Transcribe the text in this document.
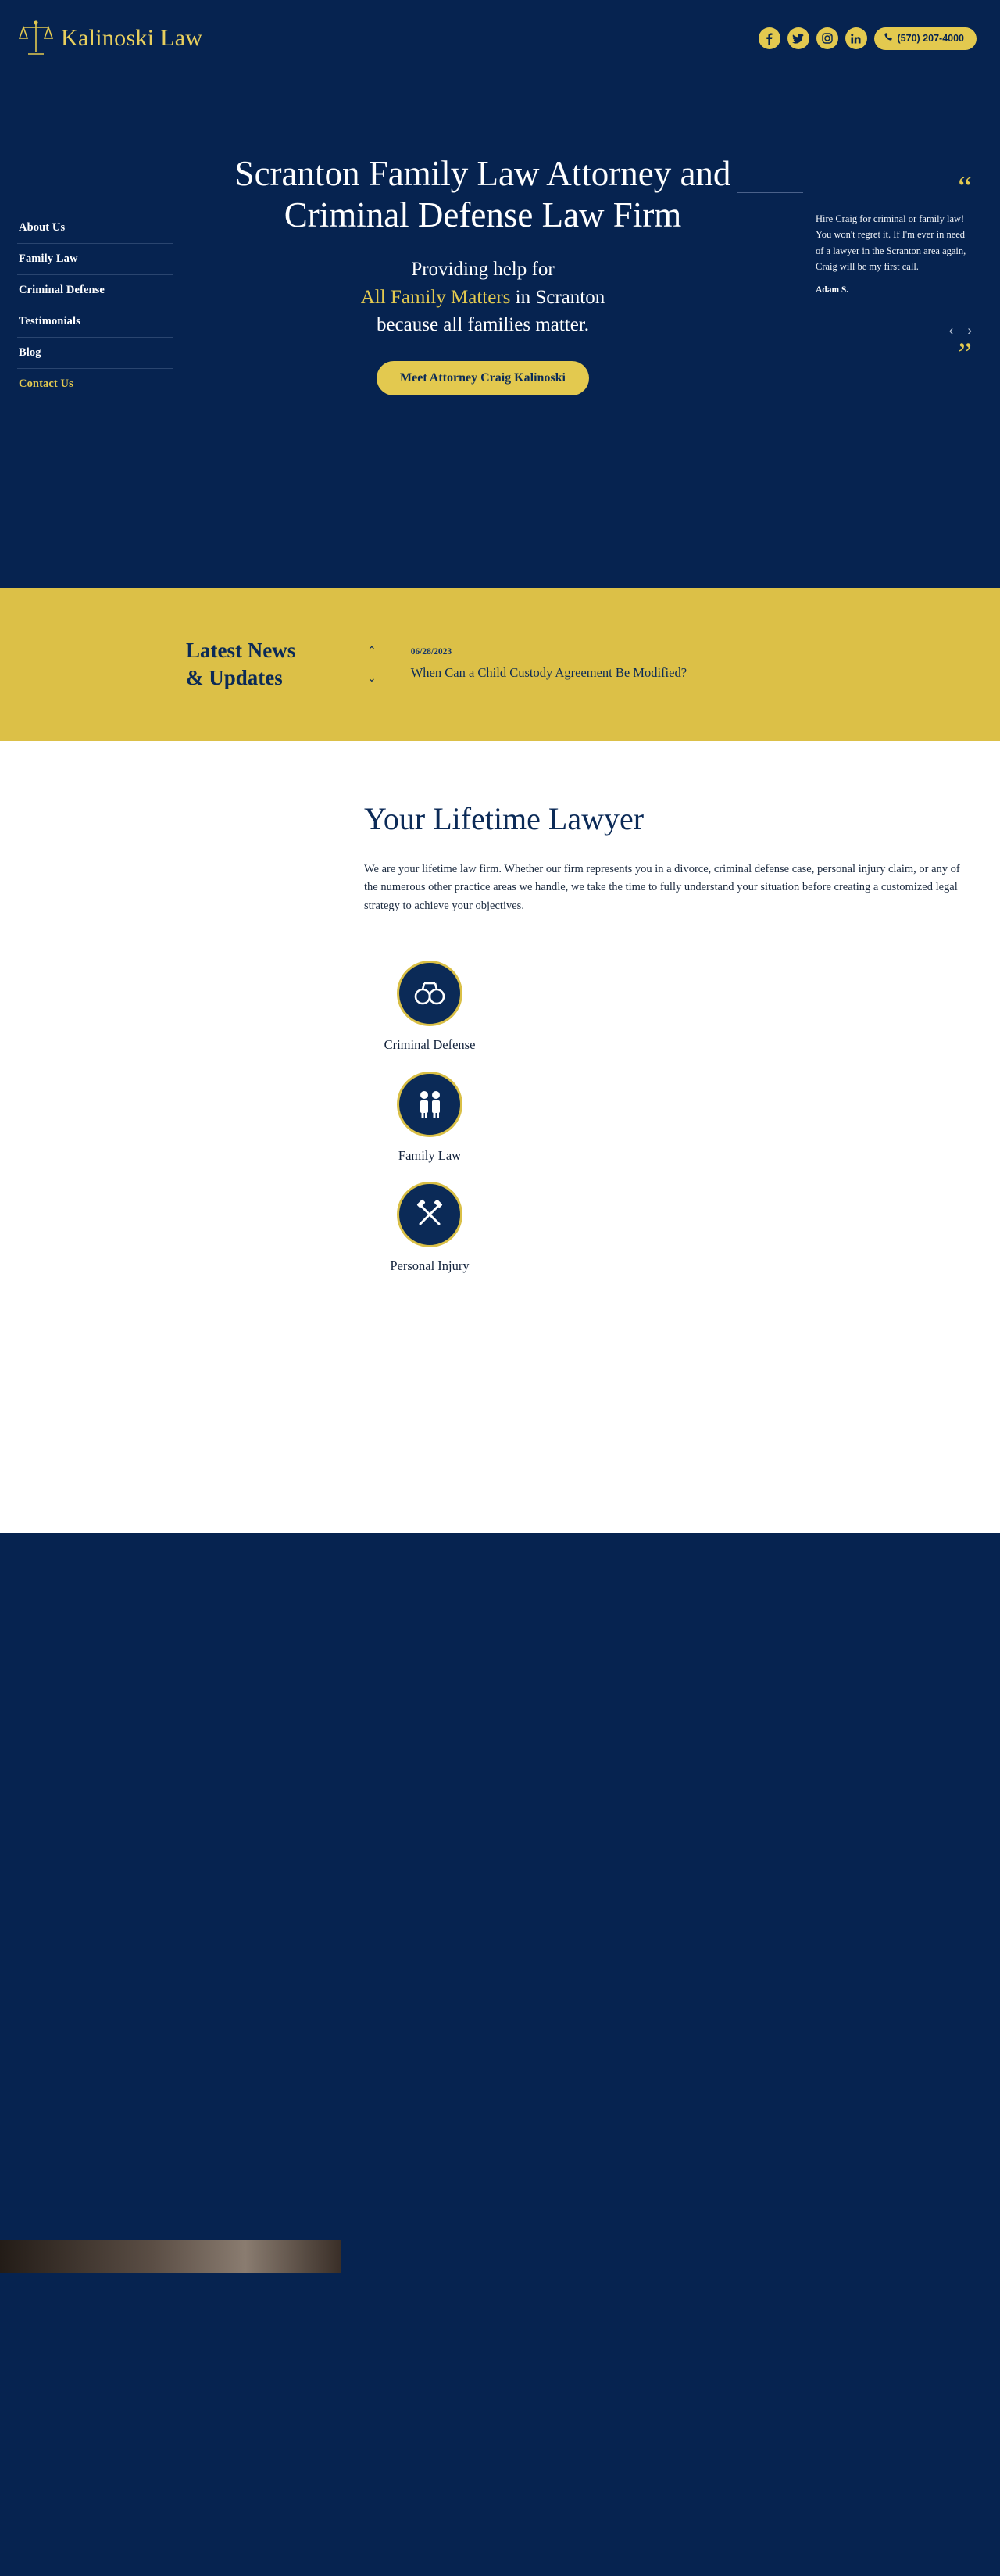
Kalinoski Law	(570) 207-4000
About Us
Family Law
Criminal Defense
Testimonials
Blog
Contact Us
Scranton Family Law Attorney and Criminal Defense Law Firm
Providing help for
All Family Matters in Scranton
because all families matter.
Meet Attorney Craig Kalinoski
“
Hire Craig for criminal or family law! You won't regret it. If I'm ever in need of a lawyer in the Scranton area again, Craig will be my first call.
Adam S.
‹ ›
”
Latest News
& Updates
⌃
⌄
06/28/2023
When Can a Child Custody Agreement Be Modified?
Your Lifetime Lawyer

We are your lifetime law firm. Whether our firm represents you in a divorce, criminal defense case, personal injury claim, or any of the numerous other practice areas we handle, we take the time to fully understand your situation before creating a customized legal strategy to achieve your objectives.

Criminal Defense
Family Law
Personal Injury
